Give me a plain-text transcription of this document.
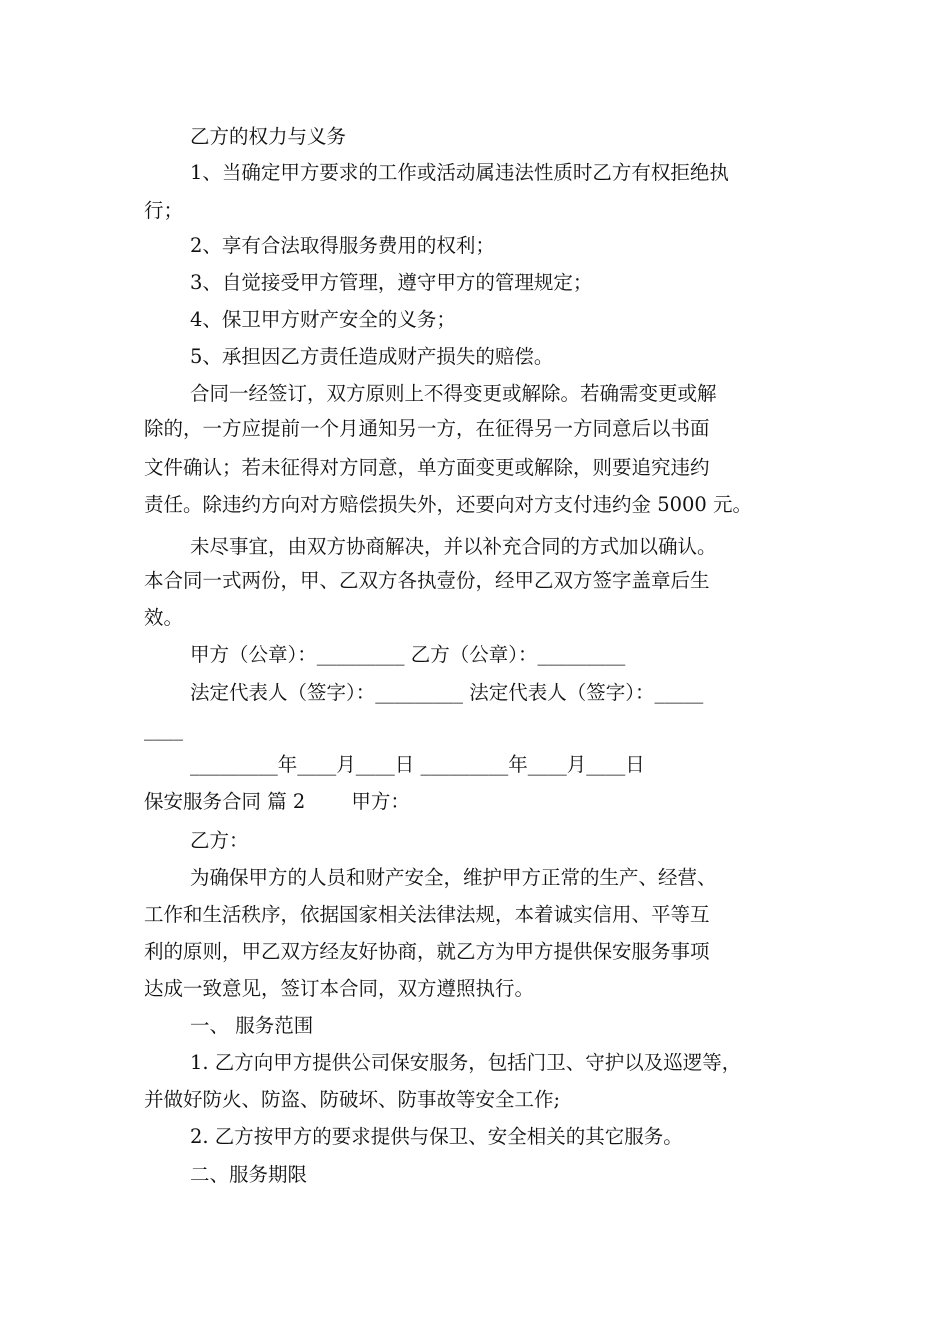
乙方的权力与义务
1、当确定甲方要求的工作或活动属违法性质时乙方有权拒绝执
行；
2、享有合法取得服务费用的权利；
3、自觉接受甲方管理，遵守甲方的管理规定；
4、保卫甲方财产安全的义务；
5、承担因乙方责任造成财产损失的赔偿。
合同一经签订，双方原则上不得变更或解除。若确需变更或解
除的，一方应提前一个月通知另一方，在征得另一方同意后以书面
文件确认；若未征得对方同意，单方面变更或解除，则要追究违约
责任。除违约方向对方赔偿损失外，还要向对方支付违约金 5000 元。
未尽事宜，由双方协商解决，并以补充合同的方式加以确认。
本合同一式两份，甲、乙双方各执壹份，经甲乙双方签字盖章后生
效。
甲方（公章）：_________ 乙方（公章）：_________
法定代表人（签字）：_________ 法定代表人（签字）：_____
____
_________年____月____日 _________年____月____日
保安服务合同 篇 2 甲方：
乙方：
为确保甲方的人员和财产安全，维护甲方正常的生产、经营、
工作和生活秩序，依据国家相关法律法规，本着诚实信用、平等互
利的原则，甲乙双方经友好协商，就乙方为甲方提供保安服务事项
达成一致意见，签订本合同，双方遵照执行。
一、 服务范围
1. 乙方向甲方提供公司保安服务，包括门卫、守护以及巡逻等，
并做好防火、防盗、防破坏、防事故等安全工作;
2. 乙方按甲方的要求提供与保卫、安全相关的其它服务。
二、服务期限
